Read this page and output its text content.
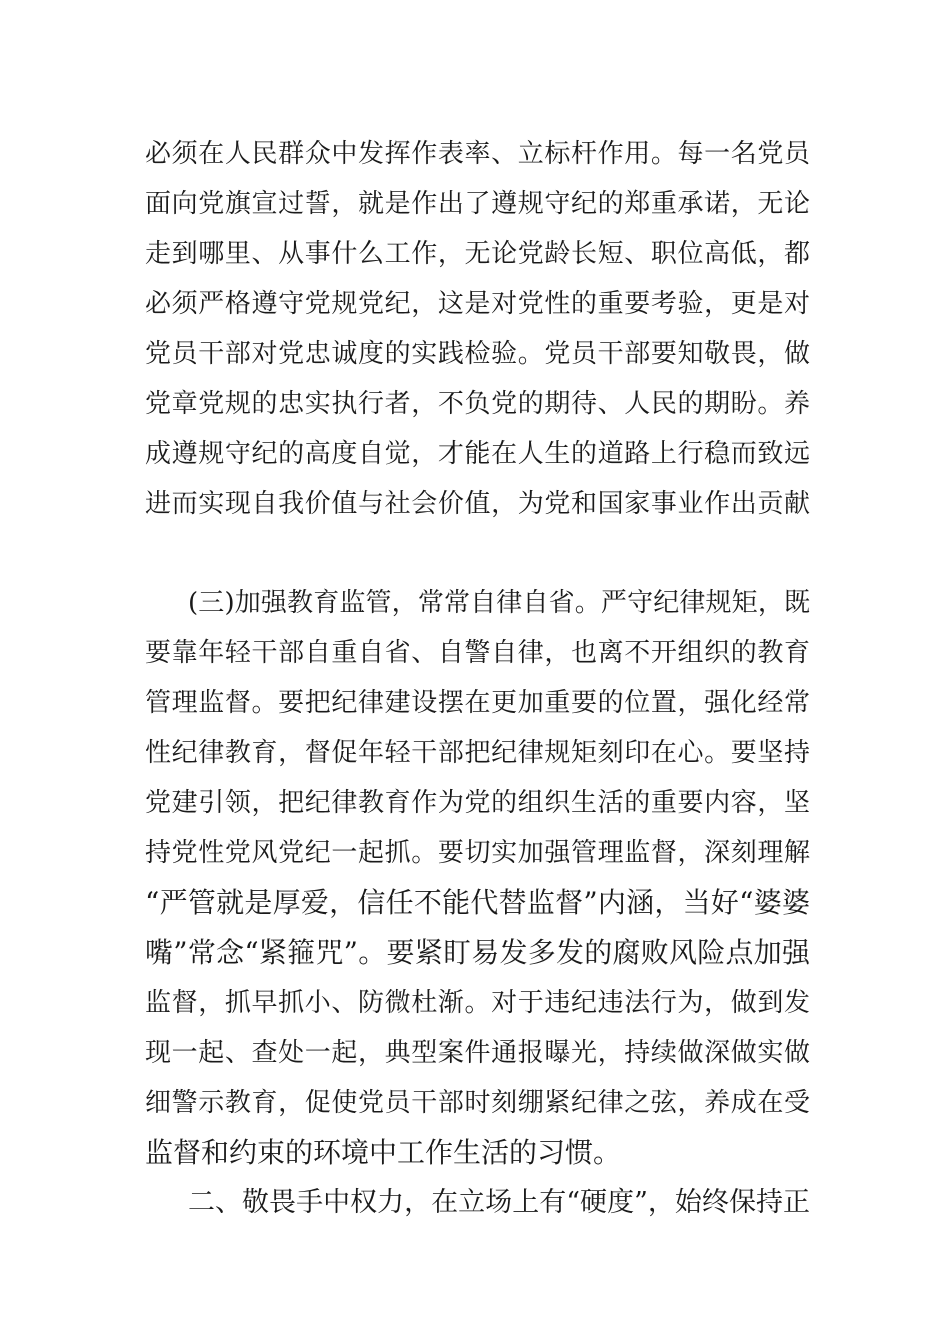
必须在人民群众中发挥作表率、立标杆作用。每一名党员
面向党旗宣过誓，就是作出了遵规守纪的郑重承诺，无论
走到哪里、从事什么工作，无论党龄长短、职位高低，都
必须严格遵守党规党纪，这是对党性的重要考验，更是对
党员干部对党忠诚度的实践检验。党员干部要知敬畏，做
党章党规的忠实执行者，不负党的期待、人民的期盼。养
成遵规守纪的高度自觉，才能在人生的道路上行稳而致远
进而实现自我价值与社会价值，为党和国家事业作出贡献
(三)加强教育监管，常常自律自省。严守纪律规矩，既
要靠年轻干部自重自省、自警自律，也离不开组织的教育
管理监督。要把纪律建设摆在更加重要的位置，强化经常
性纪律教育，督促年轻干部把纪律规矩刻印在心。要坚持
党建引领，把纪律教育作为党的组织生活的重要内容，坚
持党性党风党纪一起抓。要切实加强管理监督，深刻理解
“严管就是厚爱，信任不能代替监督”内涵，当好“婆婆
嘴”常念“紧箍咒”。要紧盯易发多发的腐败风险点加强
监督，抓早抓小、防微杜渐。对于违纪违法行为，做到发
现一起、查处一起，典型案件通报曝光，持续做深做实做
细警示教育，促使党员干部时刻绷紧纪律之弦，养成在受
监督和约束的环境中工作生活的习惯。
二、敬畏手中权力，在立场上有“硬度”，始终保持正
